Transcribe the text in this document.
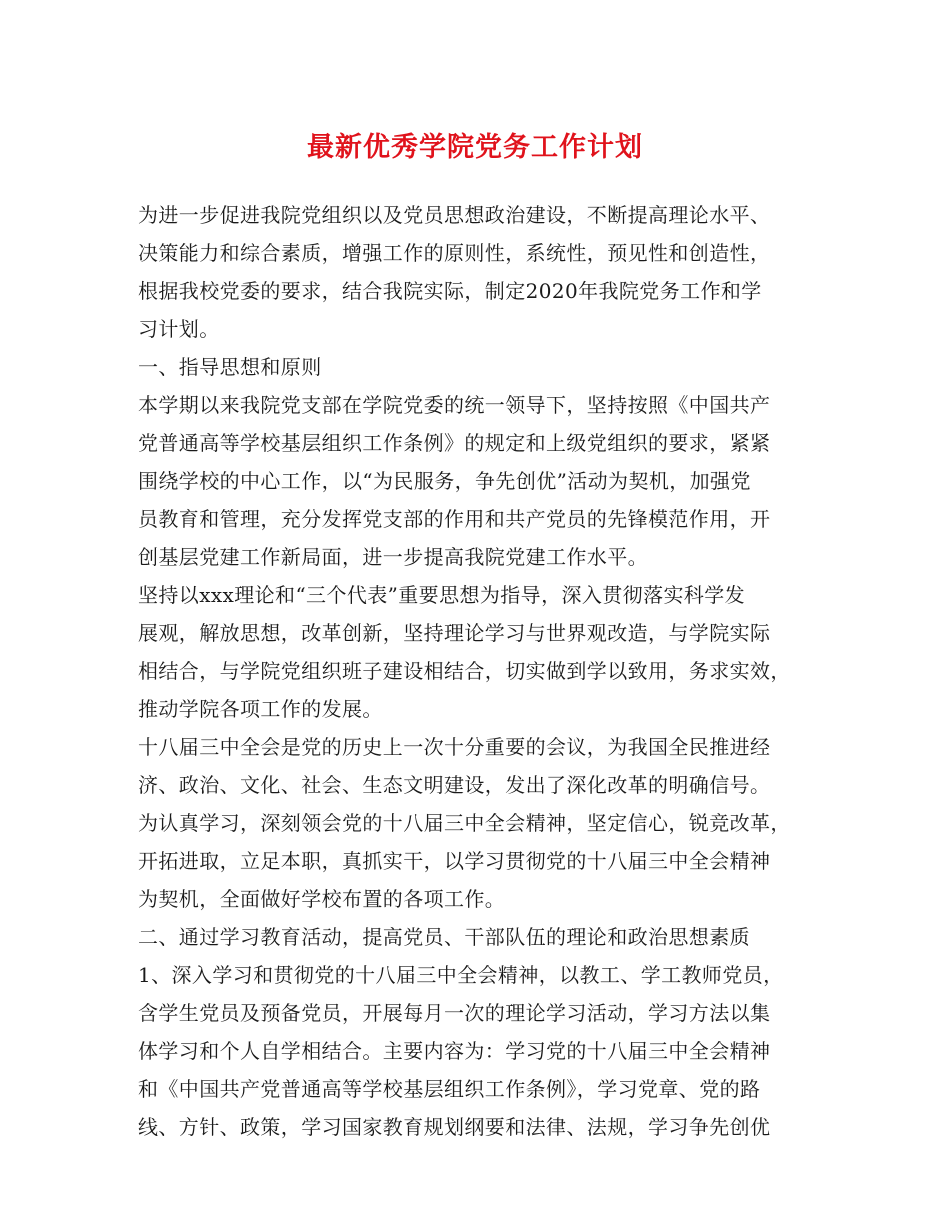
最新优秀学院党务工作计划
为进一步促进我院党组织以及党员思想政治建设，不断提高理论水平、
决策能力和综合素质，增强工作的原则性，系统性，预见性和创造性，
根据我校党委的要求，结合我院实际，制定2020年我院党务工作和学
习计划。
一、指导思想和原则
本学期以来我院党支部在学院党委的统一领导下，坚持按照《中国共产
党普通高等学校基层组织工作条例》的规定和上级党组织的要求，紧紧
围绕学校的中心工作，以“为民服务，争先创优”活动为契机，加强党
员教育和管理，充分发挥党支部的作用和共产党员的先锋模范作用，开
创基层党建工作新局面，进一步提高我院党建工作水平。
坚持以xxx理论和“三个代表”重要思想为指导，深入贯彻落实科学发
展观，解放思想，改革创新，坚持理论学习与世界观改造，与学院实际
相结合，与学院党组织班子建设相结合，切实做到学以致用，务求实效，
推动学院各项工作的发展。
十八届三中全会是党的历史上一次十分重要的会议，为我国全民推进经
济、政治、文化、社会、生态文明建设，发出了深化改革的明确信号。
为认真学习，深刻领会党的十八届三中全会精神，坚定信心，锐竞改革，
开拓进取，立足本职，真抓实干，以学习贯彻党的十八届三中全会精神
为契机，全面做好学校布置的各项工作。
二、通过学习教育活动，提高党员、干部队伍的理论和政治思想素质
1、深入学习和贯彻党的十八届三中全会精神，以教工、学工教师党员，
含学生党员及预备党员，开展每月一次的理论学习活动，学习方法以集
体学习和个人自学相结合。主要内容为：学习党的十八届三中全会精神
和《中国共产党普通高等学校基层组织工作条例》，学习党章、党的路
线、方针、政策，学习国家教育规划纲要和法律、法规，学习争先创优
